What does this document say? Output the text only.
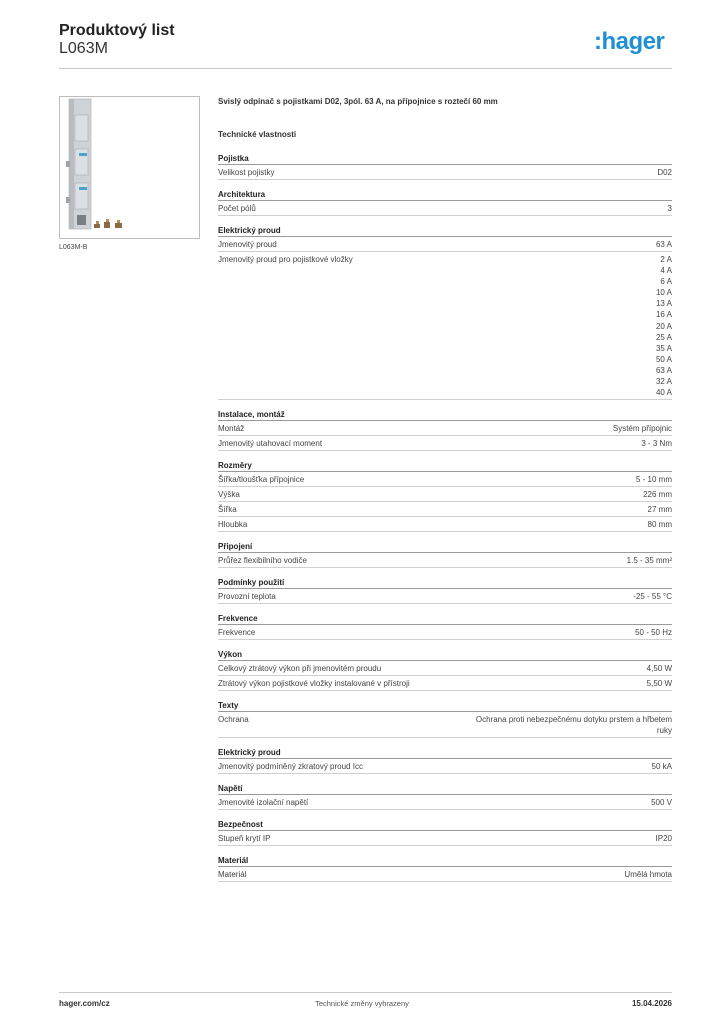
Produktový list
L063M	:hager
L063M-B
Svislý odpínač s pojistkami D02, 3pól. 63 A, na přípojnice s roztečí 60 mm
Technické vlastnosti
Pojistka
Velikost pojistky	D02
Architektura
Počet pólů	3
Elektrický proud
Jmenovitý proud	63 A
Jmenovitý proud pro pojistkové vložky	2 A
4 A
6 A
10 A
13 A
16 A
20 A
25 A
35 A
50 A
63 A
32 A
40 A
Instalace, montáž
Montáž	Systém přípojnic
Jmenovitý utahovací moment	3 - 3 Nm
Rozměry
Šířka/tloušťka přípojnice	5 - 10 mm
Výška	226 mm
Šířka	27 mm
Hloubka	80 mm
Připojení
Průřez flexibilního vodiče	1.5 - 35 mm²
Podmínky použití
Provozní teplota	-25 - 55 °C
Frekvence
Frekvence	50 - 50 Hz
Výkon
Celkový ztrátový výkon při jmenovitém proudu	4,50 W
Ztrátový výkon pojistkové vložky instalované v přístroji	5,50 W
Texty
Ochrana	Ochrana proti nebezpečnému dotyku prstem a hřbetem ruky
Elektrický proud
Jmenovitý podmíněný zkratový proud Icc	50 kA
Napětí
Jmenovité izolační napětí	500 V
Bezpečnost
Stupeň krytí IP	IP20
Materiál
Materiál	Umělá hmota
hager.com/cz	Technické změny vyhrazeny	15.04.2026
